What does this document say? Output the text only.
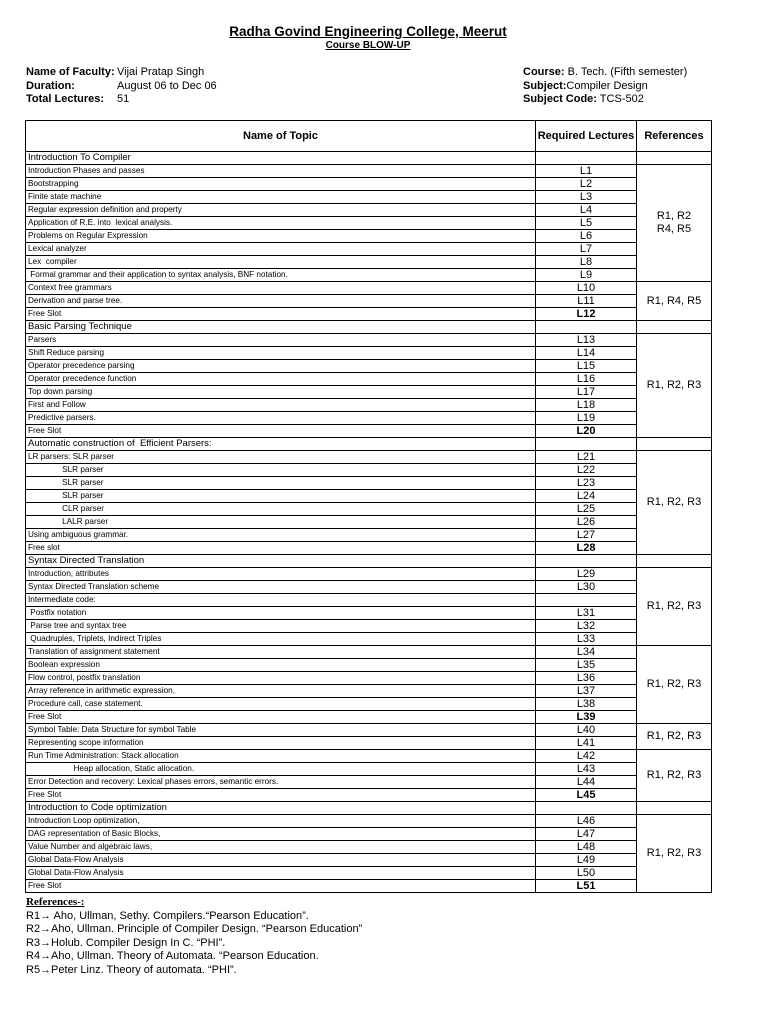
Radha Govind Engineering College, Meerut
Course BLOW-UP
Name of Faculty: Vijai Pratap Singh
Duration:	August 06 to Dec 06
Total Lectures: 51
Course: B. Tech. (Fifth semester)
Subject:Compiler Design
Subject Code: TCS-502
Name of Topic	Required Lectures	References
Introduction To Compiler		
Introduction Phases and passes	L1	R1, R2
R4, R5
Bootstrapping	L2	
Finite state machine	L3	
Regular expression definition and property	L4	
Application of R.E. into  lexical analysis.	L5	
Problems on Regular Expression	L6	
Lexical analyzer	L7	
Lex  compiler	L8	
Formal grammar and their application to syntax analysis, BNF notation.	L9	
Context free grammars	L10	R1, R4, R5
Derivation and parse tree.	L11	
Free Slot	L12	
Basic Parsing Technique		
Parsers	L13	R1, R2, R3
Shift Reduce parsing	L14	
Operator precedence parsing	L15	
Operator precedence function	L16	
Top down parsing	L17	
First and Follow	L18	
Predictive parsers.	L19	
Free Slot	L20	
Automatic construction of  Efficient Parsers:		
LR parsers: SLR parser	L21	R1, R2, R3
SLR parser	L22	
SLR parser	L23	
SLR parser	L24	
CLR parser	L25	
LALR parser	L26	
Using ambiguous grammar.	L27	
Free slot	L28	
Syntax Directed Translation		
Introduction, attributes	L29	R1, R2, R3
Syntax Directed Translation scheme	L30	
Intermediate code:		
Postfix notation	L31	
Parse tree and syntax tree	L32	
Quadruples, Triplets, Indirect Triples	L33	
Translation of assignment statement	L34	R1, R2, R3
Boolean expression	L35	
Flow control, postfix translation	L36	
Array reference in arithmetic expression,	L37	
Procedure call, case statement.	L38	
Free Slot	L39	
Symbol Table: Data Structure for symbol Table	L40	R1, R2, R3
Representing scope information	L41	
Run Time Administration: Stack allocation	L42	R1, R2, R3
Heap allocation, Static allocation.	L43	
Error Detection and recovery: Lexical phases errors, semantic errors.	L44	
Free Slot	L45	
Introduction to Code optimization		
Introduction Loop optimization,	L46	R1, R2, R3
DAG representation of Basic Blocks,	L47	
Value Number and algebraic laws,	L48	
Global Data-Flow Analysis	L49	
Global Data-Flow Analysis	L50	
Free Slot	L51	
References-:
R1→ Aho, Ullman, Sethy. Compilers.“Pearson Education”.
R2→Aho, Ullman. Principle of Compiler Design. “Pearson Education”
R3→Holub. Compiler Design In C. “PHI”.
R4→Aho, Ullman. Theory of Automata. “Pearson Education.
R5→Peter Linz. Theory of automata. “PHI”.
